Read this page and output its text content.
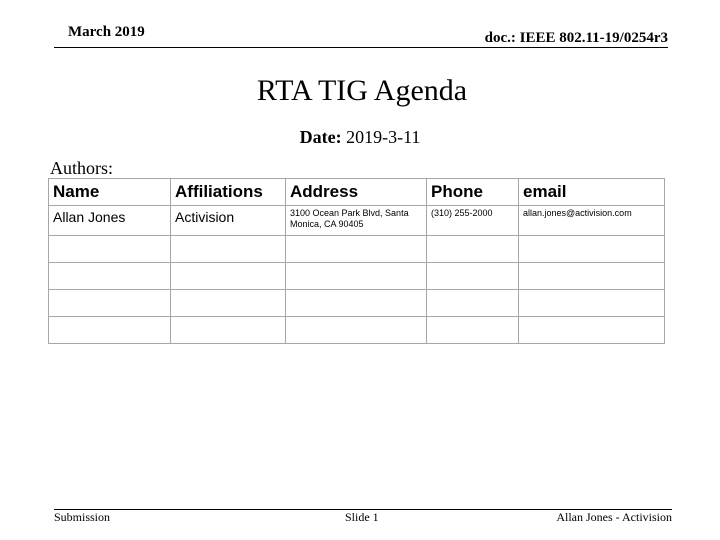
March 2019	doc.: IEEE 802.11-19/0254r3
RTA TIG Agenda
Date: 2019-3-11
Authors:
Name	Affiliations	Address	Phone	email
Allan Jones	Activision	3100 Ocean Park Blvd, Santa Monica, CA 90405	(310) 255-2000	allan.jones@activision.com

Submission	Slide 1	Allan Jones - Activision
